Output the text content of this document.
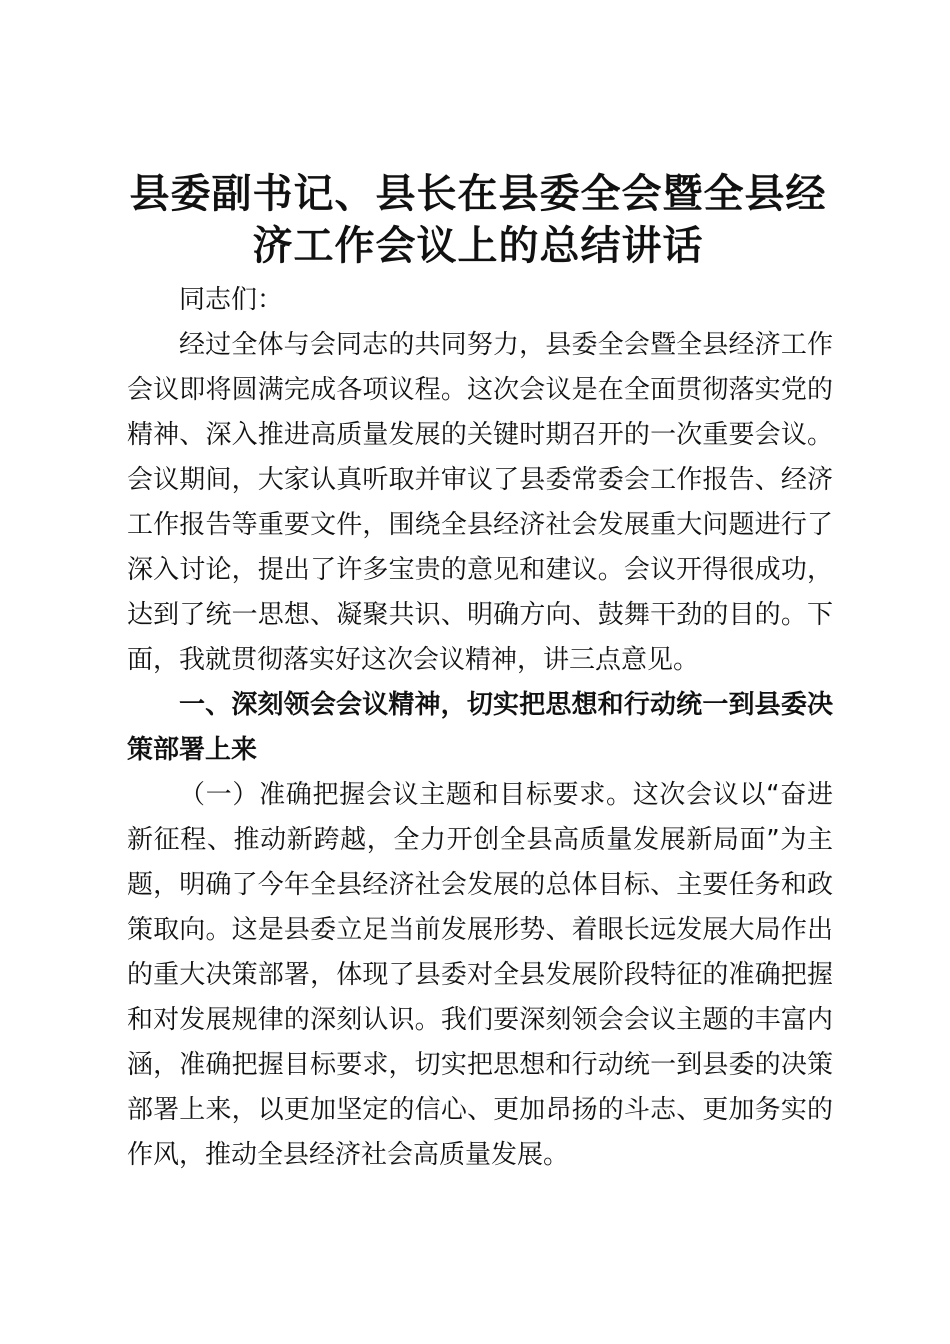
县委副书记、县长在县委全会暨全县经济工作会议上的总结讲话

同志们：

经过全体与会同志的共同努力，县委全会暨全县经济工作会议即将圆满完成各项议程。这次会议是在全面贯彻落实党的精神、深入推进高质量发展的关键时期召开的一次重要会议。会议期间，大家认真听取并审议了县委常委会工作报告、经济工作报告等重要文件，围绕全县经济社会发展重大问题进行了深入讨论，提出了许多宝贵的意见和建议。会议开得很成功，达到了统一思想、凝聚共识、明确方向、鼓舞干劲的目的。下面，我就贯彻落实好这次会议精神，讲三点意见。

一、深刻领会会议精神，切实把思想和行动统一到县委决策部署上来

（一）准确把握会议主题和目标要求。这次会议以“奋进新征程、推动新跨越，全力开创全县高质量发展新局面”为主题，明确了今年全县经济社会发展的总体目标、主要任务和政策取向。这是县委立足当前发展形势、着眼长远发展大局作出的重大决策部署，体现了县委对全县发展阶段特征的准确把握和对发展规律的深刻认识。我们要深刻领会会议主题的丰富内涵，准确把握目标要求，切实把思想和行动统一到县委的决策部署上来，以更加坚定的信心、更加昂扬的斗志、更加务实的作风，推动全县经济社会高质量发展。
